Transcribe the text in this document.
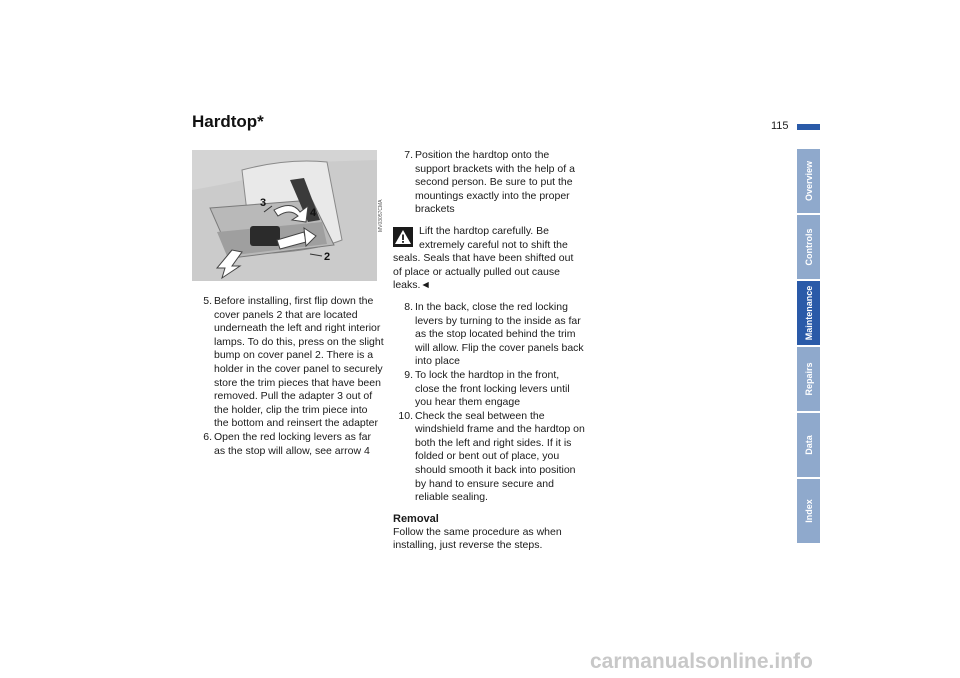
Hardtop*	115
3
4
2
MV03057CMA
5. Before installing, first flip down the cover panels 2 that are located underneath the left and right interior lamps. To do this, press on the slight bump on cover panel 2. There is a holder in the cover panel to securely store the trim pieces that have been removed. Pull the adapter 3 out of the holder, clip the trim piece into the bottom and reinsert the adapter
6. Open the red locking levers as far as the stop will allow, see arrow 4
7. Position the hardtop onto the support brackets with the help of a second person. Be sure to put the mountings exactly into the proper brackets

Lift the hardtop carefully. Be extremely careful not to shift the seals. Seals that have been shifted out of place or actually pulled out cause leaks.◄

8. In the back, close the red locking levers by turning to the inside as far as the stop located behind the trim will allow. Flip the cover panels back into place
9. To lock the hardtop in the front, close the front locking levers until you hear them engage
10. Check the seal between the windshield frame and the hardtop on both the left and right sides. If it is folded or bent out of place, you should smooth it back into position by hand to ensure secure and reliable sealing.
Removal

Follow the same procedure as when installing, just reverse the steps.

Overview
Controls
Maintenance
Repairs
Data
Index
carmanualsonline.info
